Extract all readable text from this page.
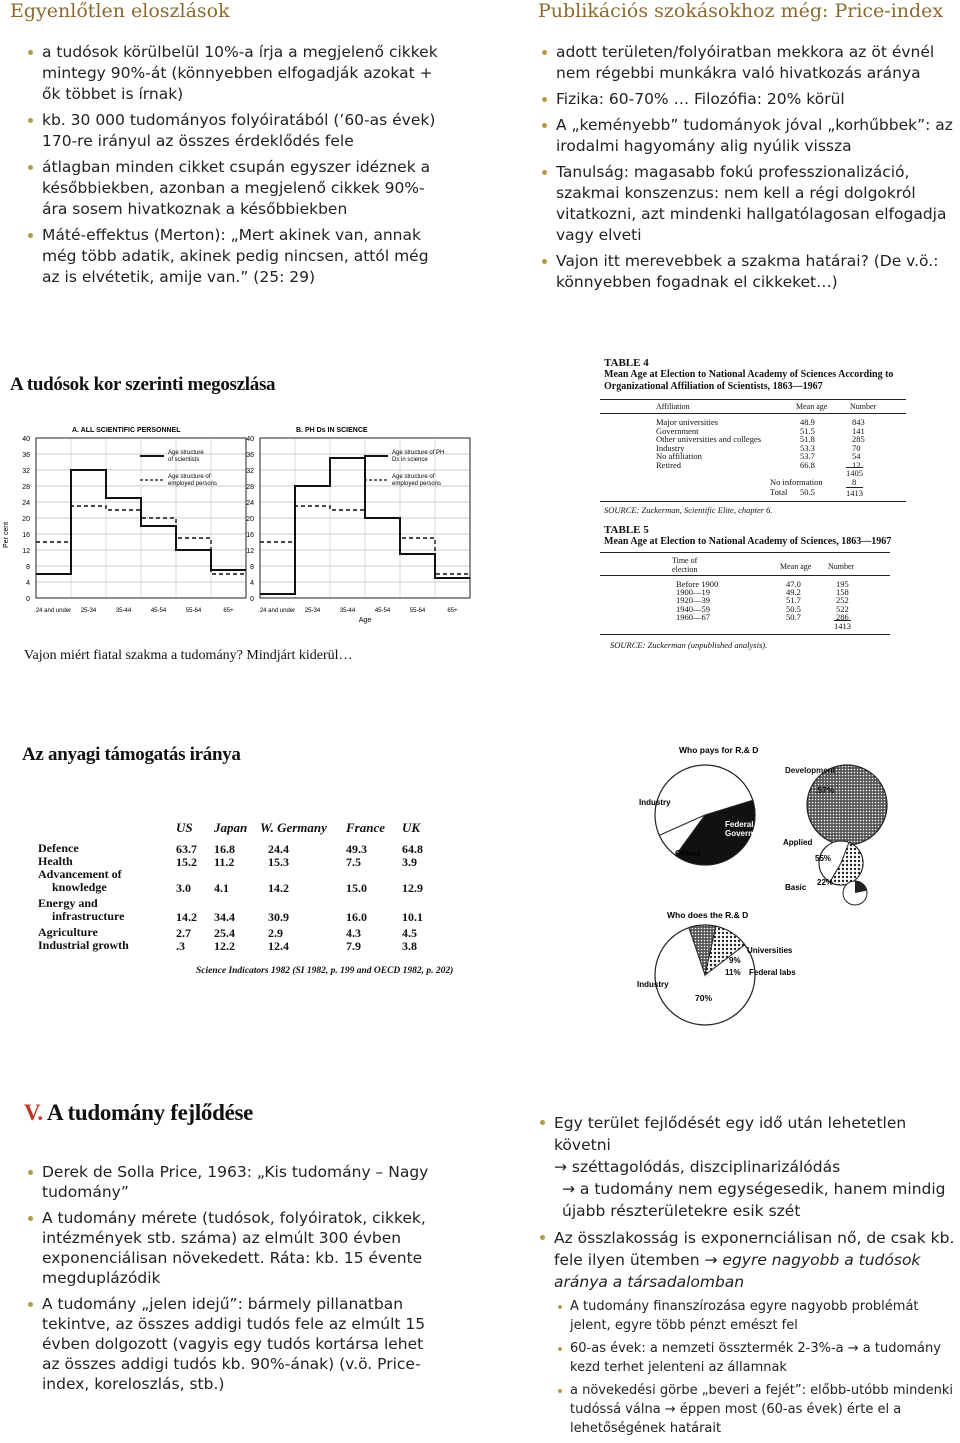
Egyenlőtlen eloszlások
a tudósok körülbelül 10%-a írja a megjelenő cikkek mintegy 90%-át (könnyebben elfogadják azokat + ők többet is írnak)
kb. 30 000 tudományos folyóiratából (’60-as évek) 170-re irányul az összes érdeklődés fele
átlagban minden cikket csupán egyszer idéznek a későbbiekben, azonban a megjelenő cikkek 90%-ára sosem hivatkoznak a későbbiekben
Máté-effektus (Merton): „Mert akinek van, annak még több adatik, akinek pedig nincsen, attól még az is elvétetik, amije van.” (25: 29)
Publikációs szokásokhoz még: Price-index
adott területen/folyóiratban mekkora az öt évnél nem régebbi munkákra való hivatkozás aránya
Fizika: 60-70% … Filozófia: 20% körül
A „keményebb” tudományok jóval „korhűbbek”: az irodalmi hagyomány alig nyúlik vissza
Tanulság: magasabb fokú professzionalizáció, szakmai konszenzus: nem kell a régi dolgokról vitatkozni, azt mindenki hallgatólagosan elfogadja vagy elveti
Vajon itt merevebbek a szakma határai? (De v.ö.: könnyebben fogadnak el cikkeket…)
A tudósok kor szerinti megoszlása
0
4
8
12
16
20
24
28
32
36
40
24 and under 25-34	35-44	45-54	55-64	65+
A. ALL SCIENTIFIC PERSONNEL
Age structure
of scientists
Age structure of
employed persons
Per cent
0
4
8
12
16
20
24
28
32
36
40
24 and under 25-34	35-44	45-54	55-64	65+
B. PH Ds IN SCIENCE
Age structure of PH
Ds in science
Age structure of
employed persons
Age
Vajon miért fiatal szakma a tudomány? Mindjárt kiderül…
TABLE 4
Mean Age at Election to National Academy of Sciences According to
Organizational Affiliation of Scientists, 1863—1967
Affiliation	Mean age	Number
Major universities	48.9	843
Government	51.5	141
Other universities and colleges	51.8	285
Industry	53.3	70
No affiliation	53.7	54
Retired	66.8	12
1405
No information	8
Total 50.5	1413
SOURCE: Zuckerman, Scientific Elite, chapter 6.
TABLE 5
Mean Age at Election to National Academy of Sciences, 1863—1967
Time of election	Mean age Number
Before 1900	47.0	195
1900—19	49.2	158
1920—39	51.7	252
1940—59	50.5	522
1960—67	50.7	286
1413
SOURCE: Zuckerman (unpublished analysis).
Az anyagi támogatás iránya
US Japan W. Germany France UK
Defence	63.7 16.8	24.4	49.3	64.8
Health	15.2 11.2	15.3	7.5	3.9
Advancement of
knowledge	3.0 4.1	14.2	15.0	12.9
Energy and
infrastructure	14.2 34.4	30.9	16.0	10.1
Agriculture	2.7 25.4	2.9	4.3	4.5
Industrial growth	.3 12.2	12.4	7.9	3.8
Science Indicators 1982 (SI 1982, p. 199 and OECD 1982, p. 202)
Who pays for R.& D
Industry
Federal
Government
Others
Development
.57%
Applied
55%
Basic
22%
Who does the R.& D
Universities
9%
11% Federal labs
Industry
70%
V. A tudomány fejlődése
Derek de Solla Price, 1963: „Kis tudomány – Nagy tudomány”
A tudomány mérete (tudósok, folyóiratok, cikkek, intézmények stb. száma) az elmúlt 300 évben exponenciálisan növekedett. Ráta: kb. 15 évente megduplázódik
A tudomány „jelen idejű”: bármely pillanatban tekintve, az összes addigi tudós fele az elmúlt 15 évben dolgozott (vagyis egy tudós kortársa lehet az összes addigi tudós kb. 90%-ának) (v.ö. Price-index, koreloszlás, stb.)
Egy terület fejlődését egy idő után lehetetlen követni
→ széttagolódás, diszciplinarizálódás
→ a tudomány nem egységesedik, hanem mindig újabb részterületekre esik szét
Az összlakosság is exponernciálisan nő, de csak kb. fele ilyen ütemben → egyre nagyobb a tudósok aránya a társadalomban
A tudomány finanszírozása egyre nagyobb problémát jelent, egyre több pénzt emészt fel
60-as évek: a nemzeti össztermék 2-3%-a → a tudomány kezd terhet jelenteni az államnak
a növekedési görbe „beveri a fejét”: előbb-utóbb mindenki tudóssá válna → éppen most (60-as évek) érte el a lehetőségének határait
